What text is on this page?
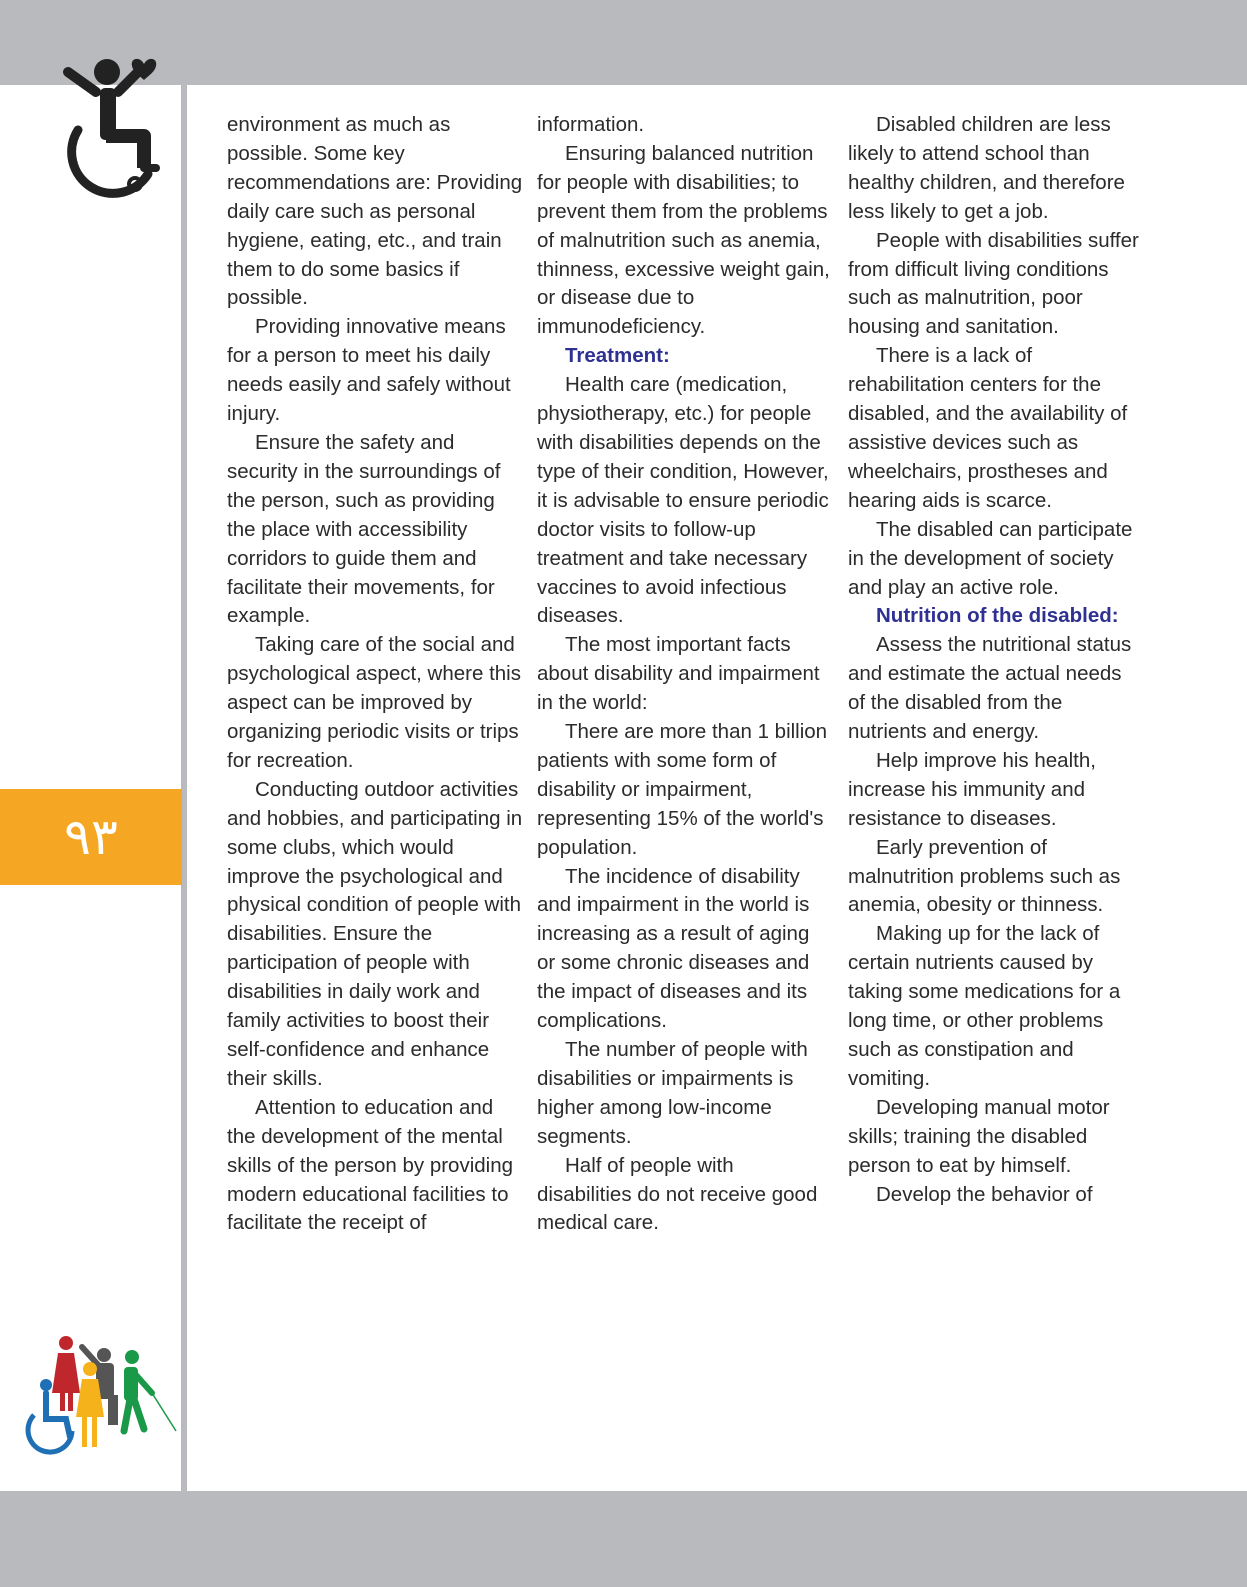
٩٣

environment as much as possible. Some key recommendations are: Providing daily care such as personal hygiene, eating, etc., and train them to do some basics if possible.

Providing innovative means for a person to meet his daily needs easily and safely without injury.

Ensure the safety and security in the surroundings of the person, such as providing the place with accessibility corridors to guide them and facilitate their movements, for example.

Taking care of the social and psychological aspect, where this aspect can be improved by organizing periodic visits or trips for recreation.

Conducting outdoor activities and hobbies, and participating in some clubs, which would improve the psychological and physical condition of people with disabilities. Ensure the participation of people with disabilities in daily work and family activities to boost their self-confidence and enhance their skills.

Attention to education and the development of the mental skills of the person by providing modern educational facilities to facilitate the receipt of

information.

Ensuring balanced nutrition for people with disabilities; to prevent them from the problems of malnutrition such as anemia, thinness, excessive weight gain, or disease due to immunodeficiency.

Treatment:

Health care (medication, physiotherapy, etc.) for people with disabilities depends on the type of their condition, However, it is advisable to ensure periodic doctor visits to follow-up treatment and take necessary vaccines to avoid infectious diseases.

The most important facts about disability and impairment in the world:

There are more than 1 billion patients with some form of disability or impairment, representing 15% of the world's population.

The incidence of disability and impairment in the world is increasing as a result of aging or some chronic diseases and the impact of diseases and its complications.

The number of people with disabilities or impairments is higher among low-income segments.

Half of people with disabilities do not receive good medical care.

Disabled children are less likely to attend school than healthy children, and therefore less likely to get a job.

People with disabilities suffer from difficult living conditions such as malnutrition, poor housing and sanitation.

There is a lack of rehabilitation centers for the disabled, and the availability of assistive devices such as wheelchairs, prostheses and hearing aids is scarce.

The disabled can participate in the development of society and play an active role.

Nutrition of the disabled:

Assess the nutritional status and estimate the actual needs of the disabled from the nutrients and energy.

Help improve his health, increase his immunity and resistance to diseases.

Early prevention of malnutrition problems such as anemia, obesity or thinness.

Making up for the lack of certain nutrients caused by taking some medications for a long time, or other problems such as constipation and vomiting.

Developing manual motor skills; training the disabled person to eat by himself.

Develop the behavior of
